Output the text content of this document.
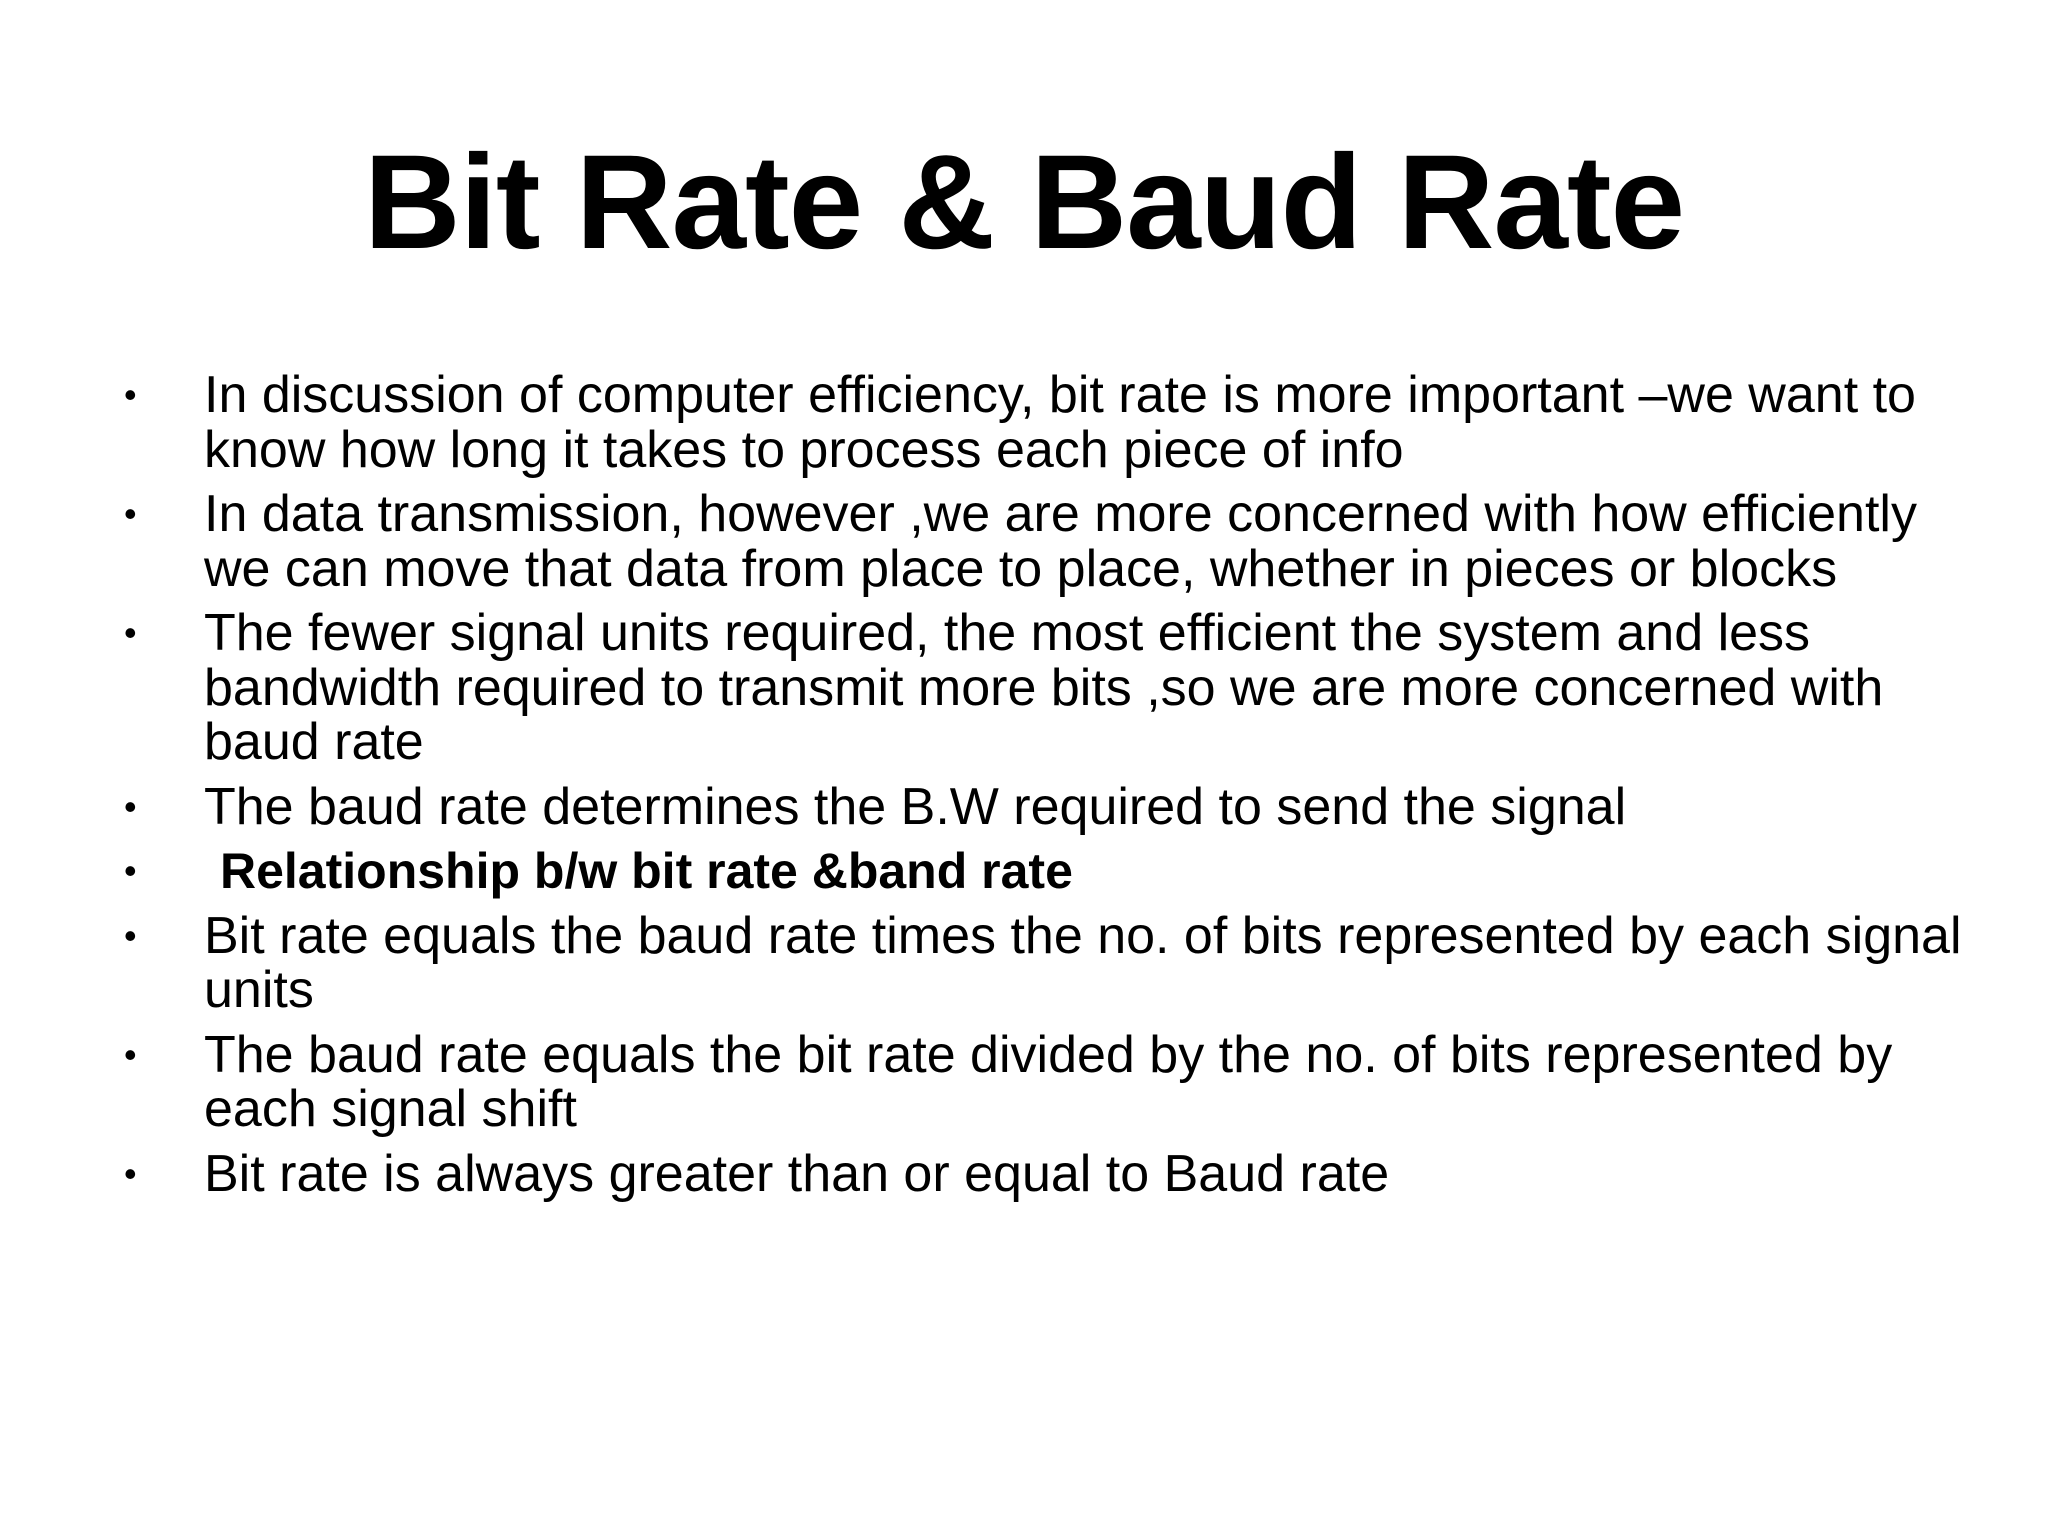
Bit Rate & Baud Rate
• In discussion of computer efficiency, bit rate is more important –we want to know how long it takes to process each piece of info
• In data transmission, however ,we are more concerned with how efficiently we can move that data from place to place, whether in pieces or blocks
• The fewer signal units required, the most efficient the system and less bandwidth required to transmit more bits ,so we are more concerned with baud rate
• The baud rate determines the B.W required to send the signal
• Relationship b/w bit rate &band rate
• Bit rate equals the baud rate times the no. of bits represented by each signal units
• The baud rate equals the bit rate divided by the no. of bits represented by each signal shift
• Bit rate is always greater than or equal to Baud rate
